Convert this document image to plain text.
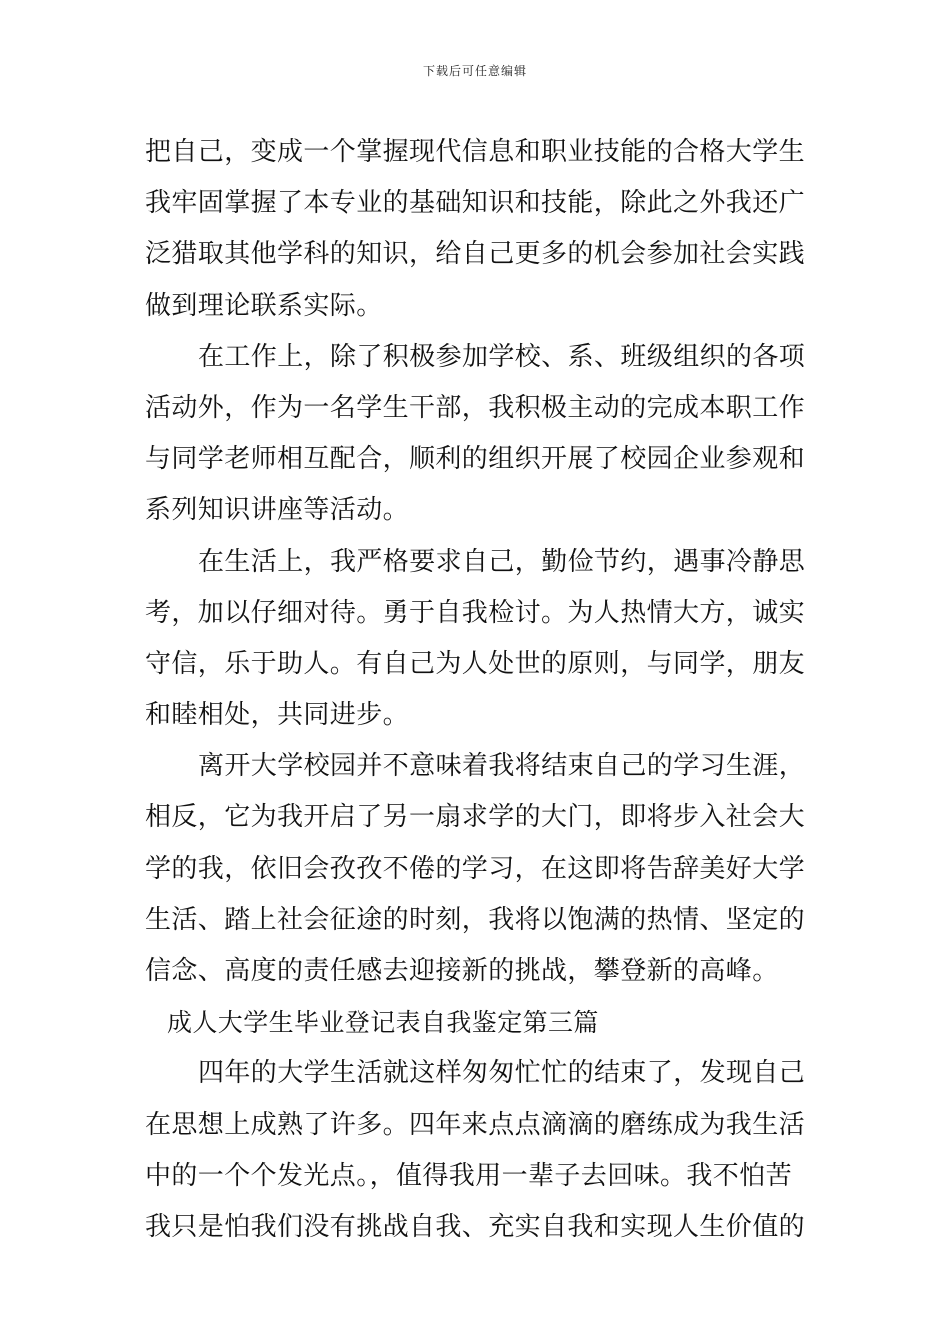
下载后可任意编辑
把自己，变成一个掌握现代信息和职业技能的合格大学生
我牢固掌握了本专业的基础知识和技能，除此之外我还广
泛猎取其他学科的知识，给自己更多的机会参加社会实践
做到理论联系实际。
在工作上，除了积极参加学校、系、班级组织的各项
活动外，作为一名学生干部，我积极主动的完成本职工作
与同学老师相互配合，顺利的组织开展了校园企业参观和
系列知识讲座等活动。
在生活上，我严格要求自己，勤俭节约，遇事冷静思
考，加以仔细对待。勇于自我检讨。为人热情大方，诚实
守信，乐于助人。有自己为人处世的原则，与同学，朋友
和睦相处，共同进步。
离开大学校园并不意味着我将结束自己的学习生涯，
相反，它为我开启了另一扇求学的大门，即将步入社会大
学的我，依旧会孜孜不倦的学习，在这即将告辞美好大学
生活、踏上社会征途的时刻，我将以饱满的热情、坚定的
信念、高度的责任感去迎接新的挑战，攀登新的高峰。
成人大学生毕业登记表自我鉴定第三篇
四年的大学生活就这样匆匆忙忙的结束了，发现自己
在思想上成熟了许多。四年来点点滴滴的磨练成为我生活
中的一个个发光点。，值得我用一辈子去回味。我不怕苦
我只是怕我们没有挑战自我、充实自我和实现人生价值的
